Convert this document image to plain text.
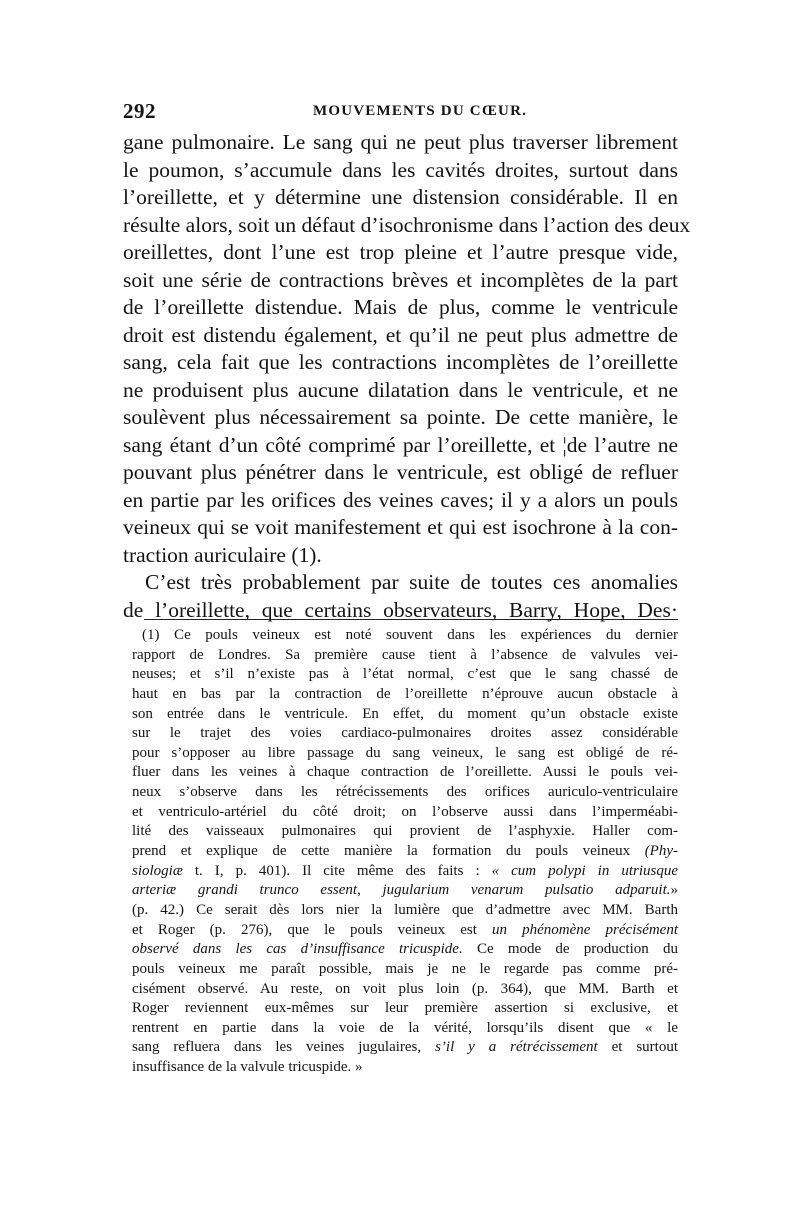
292	MOUVEMENTS DU CŒUR.
gane pulmonaire. Le sang qui ne peut plus traverser librement
le poumon, s’accumule dans les cavités droites, surtout dans
l’oreillette, et y détermine une distension considérable. Il en
résulte alors, soit un défaut d’isochronisme dans l’action des deux
oreillettes, dont l’une est trop pleine et l’autre presque vide,
soit une série de contractions brèves et incomplètes de la part
de l’oreillette distendue. Mais de plus, comme le ventricule
droit est distendu également, et qu’il ne peut plus admettre de
sang, cela fait que les contractions incomplètes de l’oreillette
ne produisent plus aucune dilatation dans le ventricule, et ne
soulèvent plus nécessairement sa pointe. De cette manière, le
sang étant d’un côté comprimé par l’oreillette, et ¦de l’autre ne
pouvant plus pénétrer dans le ventricule, est obligé de refluer
en partie par les orifices des veines caves; il y a alors un pouls
veineux qui se voit manifestement et qui est isochrone à la con-
traction auriculaire (1).
C’est très probablement par suite de toutes ces anomalies
de l’oreillette, que certains observateurs, Barry, Hope, Des·
(1) Ce pouls veineux est noté souvent dans les expériences du dernier
rapport de Londres. Sa première cause tient à l’absence de valvules vei-
neuses; et s’il n’existe pas à l’état normal, c’est que le sang chassé de
haut en bas par la contraction de l’oreillette n’éprouve aucun obstacle à
son entrée dans le ventricule. En effet, du moment qu’un obstacle existe
sur le trajet des voies cardiaco-pulmonaires droites assez considérable
pour s’opposer au libre passage du sang veineux, le sang est obligé de ré-
fluer dans les veines à chaque contraction de l’oreillette. Aussi le pouls vei-
neux s’observe dans les rétrécissements des orifices auriculo-ventriculaire
et ventriculo-artériel du côté droit; on l’observe aussi dans l’imperméabi-
lité des vaisseaux pulmonaires qui provient de l’asphyxie. Haller com-
prend et explique de cette manière la formation du pouls veineux (Phy-
siologiæ t. I, p. 401). Il cite même des faits : « cum polypi in utriusque
arteriæ grandi trunco essent, jugularium venarum pulsatio adparuit.»
(p. 42.) Ce serait dès lors nier la lumière que d’admettre avec MM. Barth
et Roger (p. 276), que le pouls veineux est un phénomène précisément
observé dans les cas d’insuffisance tricuspide. Ce mode de production du
pouls veineux me paraît possible, mais je ne le regarde pas comme pré-
cisément observé. Au reste, on voit plus loin (p. 364), que MM. Barth et
Roger reviennent eux-mêmes sur leur première assertion si exclusive, et
rentrent en partie dans la voie de la vérité, lorsqu’ils disent que « le
sang refluera dans les veines jugulaires, s’il y a rétrécissement et surtout
insuffisance de la valvule tricuspide. »
